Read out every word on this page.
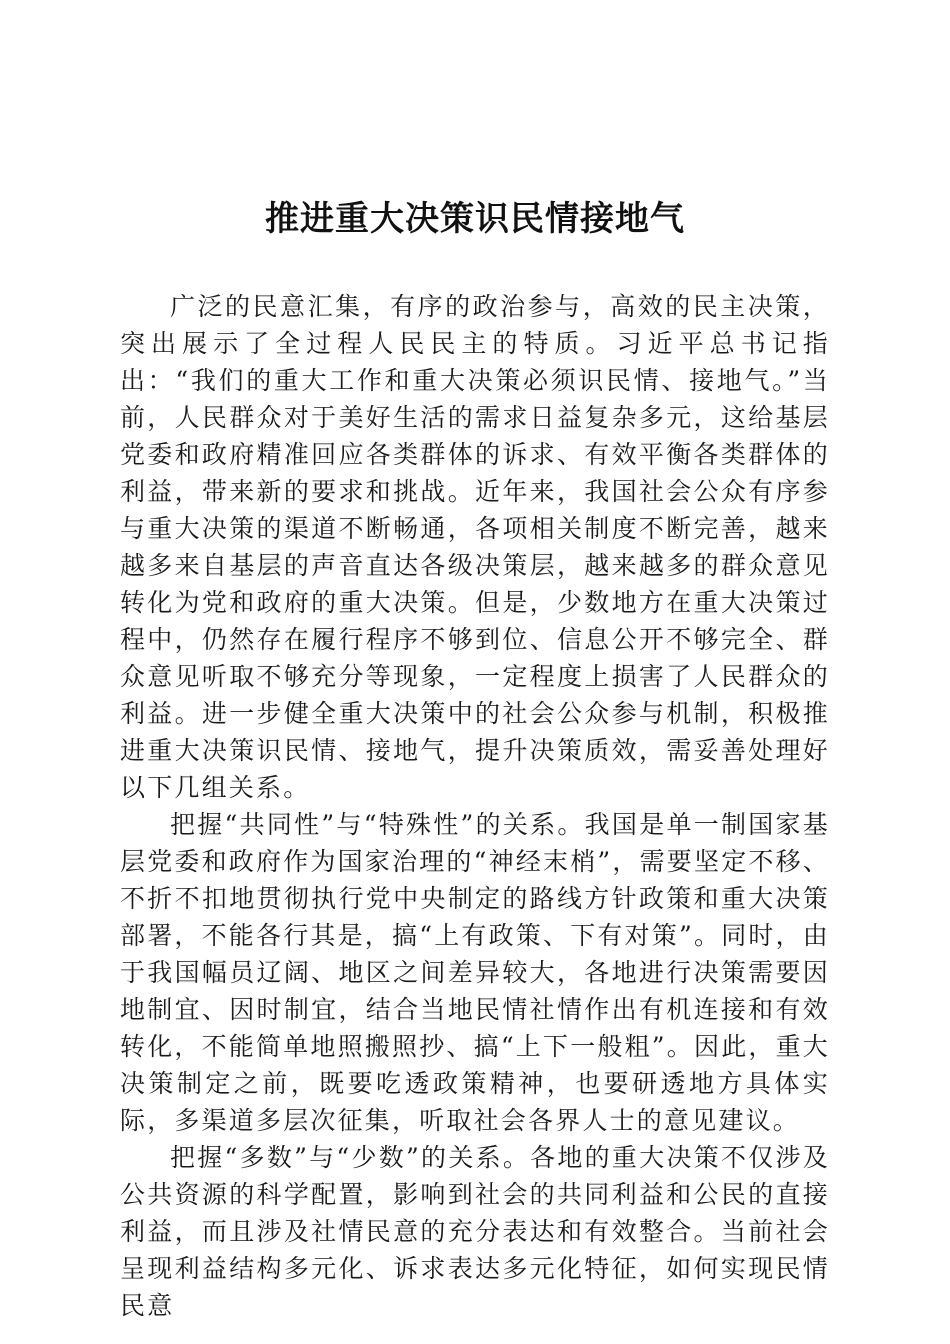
推进重大决策识民情接地气

广泛的民意汇集，有序的政治参与，高效的民主决策，突出展示了全过程人民民主的特质。习近平总书记指出：“我们的重大工作和重大决策必须识民情、接地气。”当前，人民群众对于美好生活的需求日益复杂多元，这给基层党委和政府精准回应各类群体的诉求、有效平衡各类群体的利益，带来新的要求和挑战。近年来，我国社会公众有序参与重大决策的渠道不断畅通，各项相关制度不断完善，越来越多来自基层的声音直达各级决策层，越来越多的群众意见转化为党和政府的重大决策。但是，少数地方在重大决策过程中，仍然存在履行程序不够到位、信息公开不够完全、群众意见听取不够充分等现象，一定程度上损害了人民群众的利益。进一步健全重大决策中的社会公众参与机制，积极推进重大决策识民情、接地气，提升决策质效，需妥善处理好以下几组关系。

把握“共同性”与“特殊性”的关系。我国是单一制国家基层党委和政府作为国家治理的“神经末梢”，需要坚定不移、不折不扣地贯彻执行党中央制定的路线方针政策和重大决策部署，不能各行其是，搞“上有政策、下有对策”。同时，由于我国幅员辽阔、地区之间差异较大，各地进行决策需要因地制宜、因时制宜，结合当地民情社情作出有机连接和有效转化，不能简单地照搬照抄、搞“上下一般粗”。因此，重大决策制定之前，既要吃透政策精神，也要研透地方具体实际，多渠道多层次征集，听取社会各界人士的意见建议。

把握“多数”与“少数”的关系。各地的重大决策不仅涉及公共资源的科学配置，影响到社会的共同利益和公民的直接利益，而且涉及社情民意的充分表达和有效整合。当前社会呈现利益结构多元化、诉求表达多元化特征，如何实现民情民意
